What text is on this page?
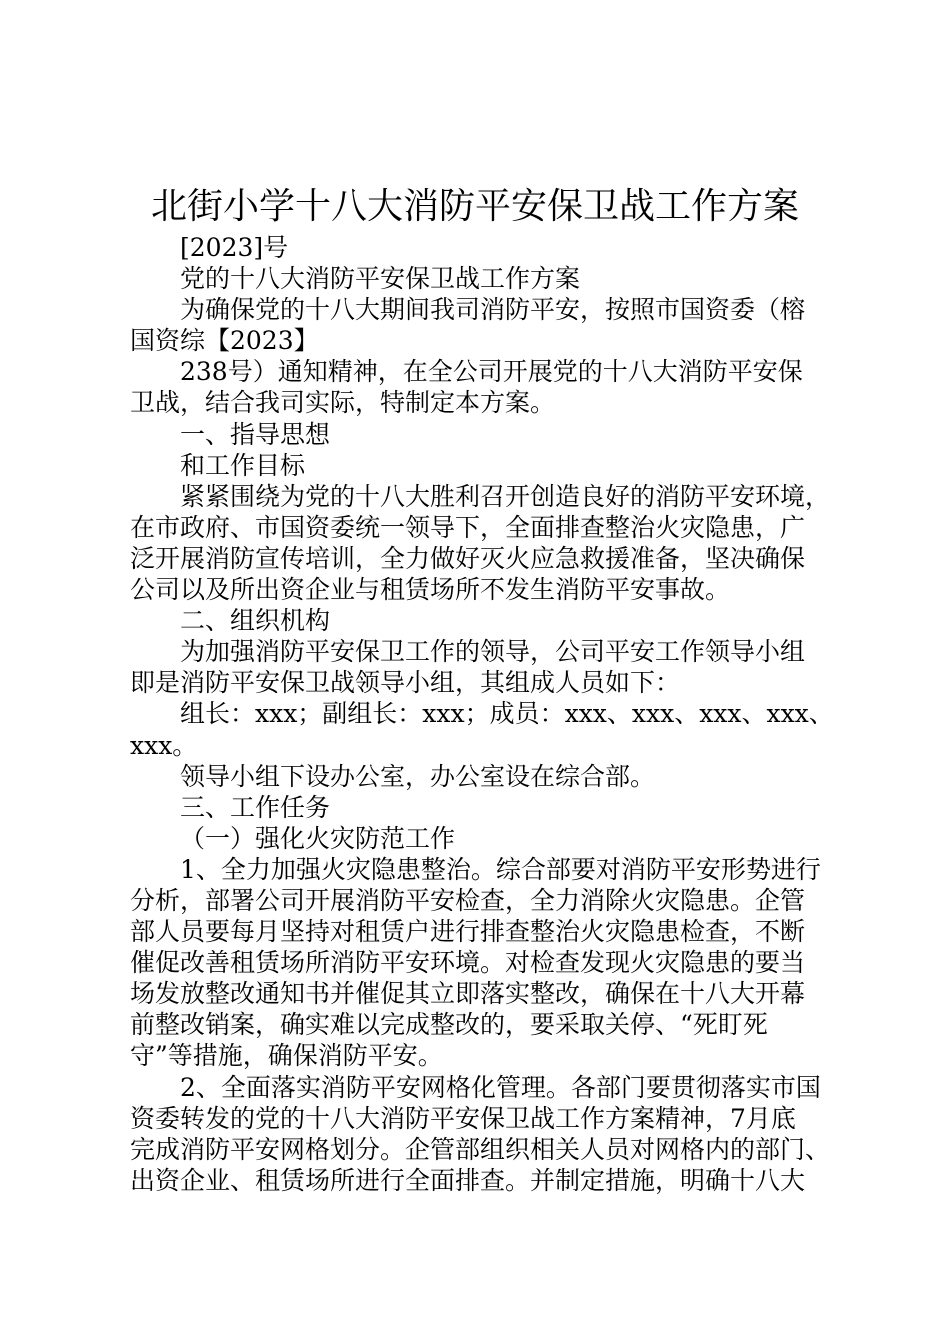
北街小学十八大消防平安保卫战工作方案
[2023]号
党的十八大消防平安保卫战工作方案
为确保党的十八大期间我司消防平安，按照市国资委（榕
国资综【2023】
238号）通知精神，在全公司开展党的十八大消防平安保
卫战，结合我司实际，特制定本方案。
一、指导思想
和工作目标
紧紧围绕为党的十八大胜利召开创造良好的消防平安环境，
在市政府、市国资委统一领导下，全面排查整治火灾隐患，广
泛开展消防宣传培训，全力做好灭火应急救援准备，坚决确保
公司以及所出资企业与租赁场所不发生消防平安事故。
二、组织机构
为加强消防平安保卫工作的领导，公司平安工作领导小组
即是消防平安保卫战领导小组，其组成人员如下：
组长：xxx；副组长：xxx；成员：xxx、xxx、xxx、xxx、
xxx。
领导小组下设办公室，办公室设在综合部。
三、工作任务
（一）强化火灾防范工作
1、全力加强火灾隐患整治。综合部要对消防平安形势进行
分析，部署公司开展消防平安检查，全力消除火灾隐患。企管
部人员要每月坚持对租赁户进行排查整治火灾隐患检查，不断
催促改善租赁场所消防平安环境。对检查发现火灾隐患的要当
场发放整改通知书并催促其立即落实整改，确保在十八大开幕
前整改销案，确实难以完成整改的，要采取关停、“死盯死
守”等措施，确保消防平安。
2、全面落实消防平安网格化管理。各部门要贯彻落实市国
资委转发的党的十八大消防平安保卫战工作方案精神，7月底
完成消防平安网格划分。企管部组织相关人员对网格内的部门、
出资企业、租赁场所进行全面排查。并制定措施，明确十八大
